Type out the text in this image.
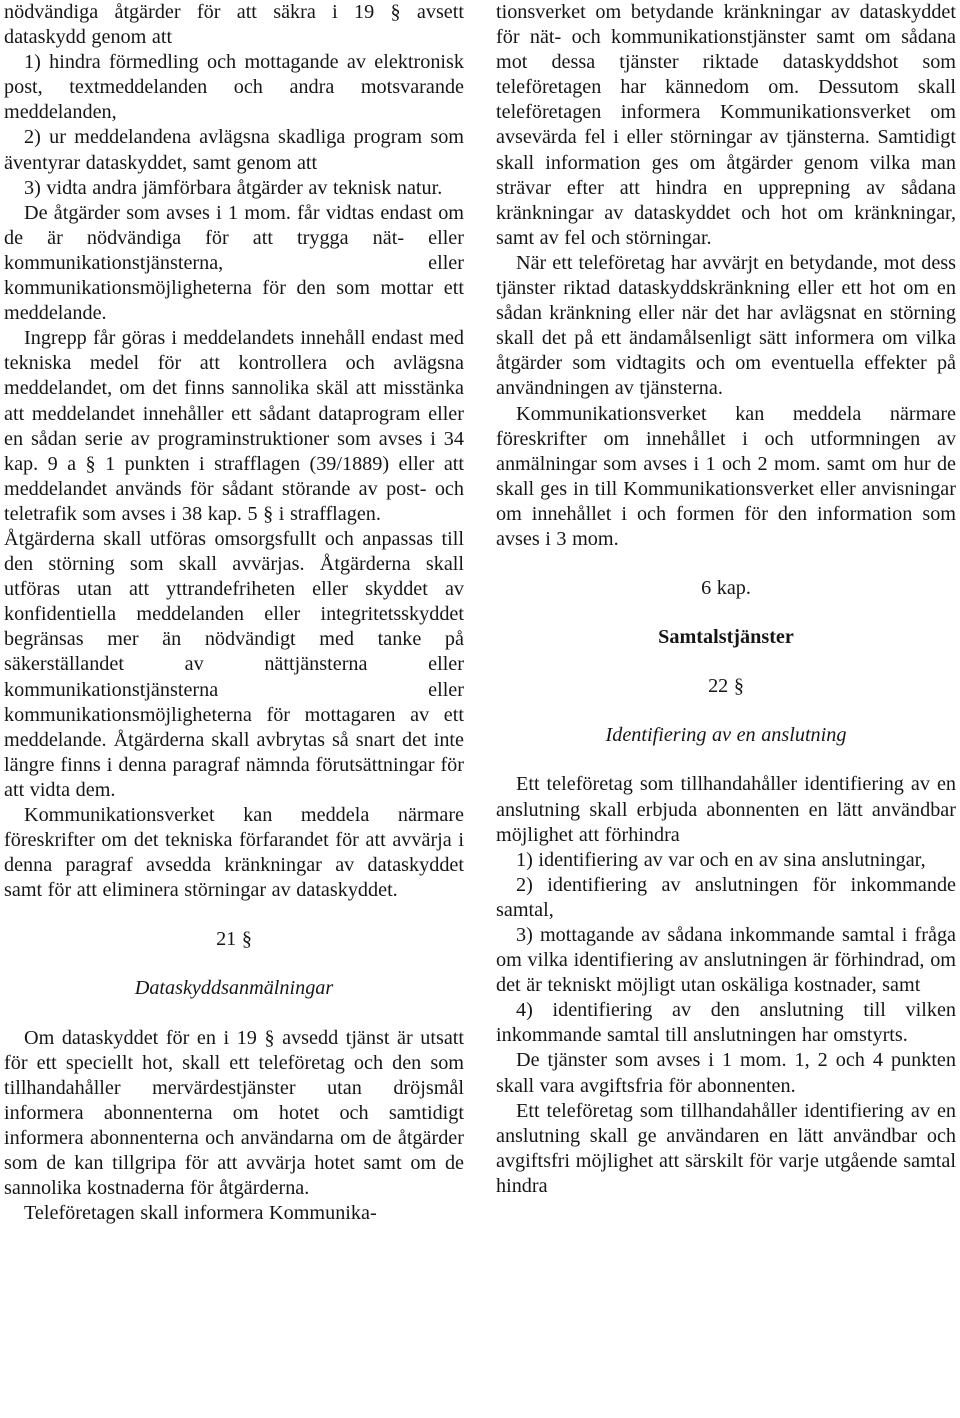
nödvändiga åtgärder för att säkra i 19 § avsett dataskydd genom att

1) hindra förmedling och mottagande av elektronisk post, textmeddelanden och andra motsvarande meddelanden,

2) ur meddelandena avlägsna skadliga program som äventyrar dataskyddet, samt genom att

3) vidta andra jämförbara åtgärder av teknisk natur.

De åtgärder som avses i 1 mom. får vidtas endast om de är nödvändiga för att trygga nät- eller kommunikationstjänsterna, eller kommunikationsmöjligheterna för den som mottar ett meddelande.

Ingrepp får göras i meddelandets innehåll endast med tekniska medel för att kontrollera och avlägsna meddelandet, om det finns sannolika skäl att misstänka att meddelandet innehåller ett sådant dataprogram eller en sådan serie av programinstruktioner som avses i 34 kap. 9 a § 1 punkten i strafflagen (39/1889) eller att meddelandet används för sådant störande av post- och teletrafik som avses i 38 kap. 5 § i strafflagen.

Åtgärderna skall utföras omsorgsfullt och anpassas till den störning som skall avvärjas. Åtgärderna skall utföras utan att yttrandefriheten eller skyddet av konfidentiella meddelanden eller integritetsskyddet begränsas mer än nödvändigt med tanke på säkerställandet av nättjänsterna eller kommunikationstjänsterna eller kommunikationsmöjligheterna för mottagaren av ett meddelande. Åtgärderna skall avbrytas så snart det inte längre finns i denna paragraf nämnda förutsättningar för att vidta dem.

Kommunikationsverket kan meddela närmare föreskrifter om det tekniska förfarandet för att avvärja i denna paragraf avsedda kränkningar av dataskyddet samt för att eliminera störningar av dataskyddet.

21 §

Dataskyddsanmälningar

Om dataskyddet för en i 19 § avsedd tjänst är utsatt för ett speciellt hot, skall ett teleföretag och den som tillhandahåller mervärdestjänster utan dröjsmål informera abonnenterna om hotet och samtidigt informera abonnenterna och användarna om de åtgärder som de kan tillgripa för att avvärja hotet samt om de sannolika kostnaderna för åtgärderna.

Teleföretagen skall informera Kommunika-

tionsverket om betydande kränkningar av dataskyddet för nät- och kommunikationstjänster samt om sådana mot dessa tjänster riktade dataskyddshot som teleföretagen har kännedom om. Dessutom skall teleföretagen informera Kommunikationsverket om avsevärda fel i eller störningar av tjänsterna. Samtidigt skall information ges om åtgärder genom vilka man strävar efter att hindra en upprepning av sådana kränkningar av dataskyddet och hot om kränkningar, samt av fel och störningar.

När ett teleföretag har avvärjt en betydande, mot dess tjänster riktad dataskyddskränkning eller ett hot om en sådan kränkning eller när det har avlägsnat en störning skall det på ett ändamålsenligt sätt informera om vilka åtgärder som vidtagits och om eventuella effekter på användningen av tjänsterna.

Kommunikationsverket kan meddela närmare föreskrifter om innehållet i och utformningen av anmälningar som avses i 1 och 2 mom. samt om hur de skall ges in till Kommunikationsverket eller anvisningar om innehållet i och formen för den information som avses i 3 mom.

6 kap.

Samtalstjänster

22 §

Identifiering av en anslutning

Ett teleföretag som tillhandahåller identifiering av en anslutning skall erbjuda abonnenten en lätt användbar möjlighet att förhindra

1) identifiering av var och en av sina anslutningar,

2) identifiering av anslutningen för inkommande samtal,

3) mottagande av sådana inkommande samtal i fråga om vilka identifiering av anslutningen är förhindrad, om det är tekniskt möjligt utan oskäliga kostnader, samt

4) identifiering av den anslutning till vilken inkommande samtal till anslutningen har omstyrts.

De tjänster som avses i 1 mom. 1, 2 och 4 punkten skall vara avgiftsfria för abonnenten.

Ett teleföretag som tillhandahåller identifiering av en anslutning skall ge användaren en lätt användbar och avgiftsfri möjlighet att särskilt för varje utgående samtal hindra
